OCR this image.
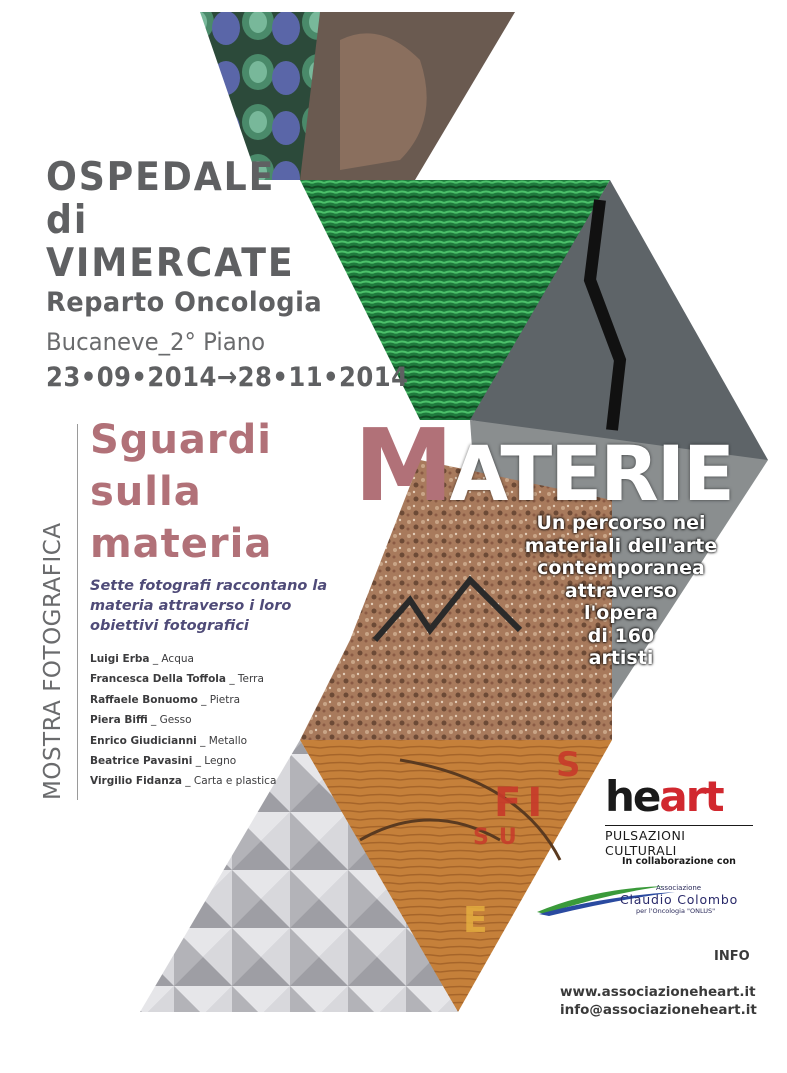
S
FI
SU
E
OSPEDALE
di
VIMERCATE
Reparto Oncologia
Bucaneve_2° Piano
23•09•2014→28•11•2014
MOSTRA FOTOGRAFICA
Sguardi
sulla
materia
Sette fotografi raccontano la
materia attraverso i loro
obiettivi fotografici
Luigi Erba _ Acqua
Francesca Della Toffola _ Terra
Raffaele Bonuomo _ Pietra
Piera Biffi _ Gesso
Enrico Giudicianni _ Metallo
Beatrice Pavasini _ Legno
Virgilio Fidanza _ Carta e plastica
MATERIE
Un percorso nei
materiali dell'arte
contemporanea
attraverso
l'opera
di 160
artisti
heart
PULSAZIONI CULTURALI
In collaborazione con
Associazione
Claudio Colombo
per l'Oncologia "ONLUS"
INFO
www.associazioneheart.it
info@associazioneheart.it
